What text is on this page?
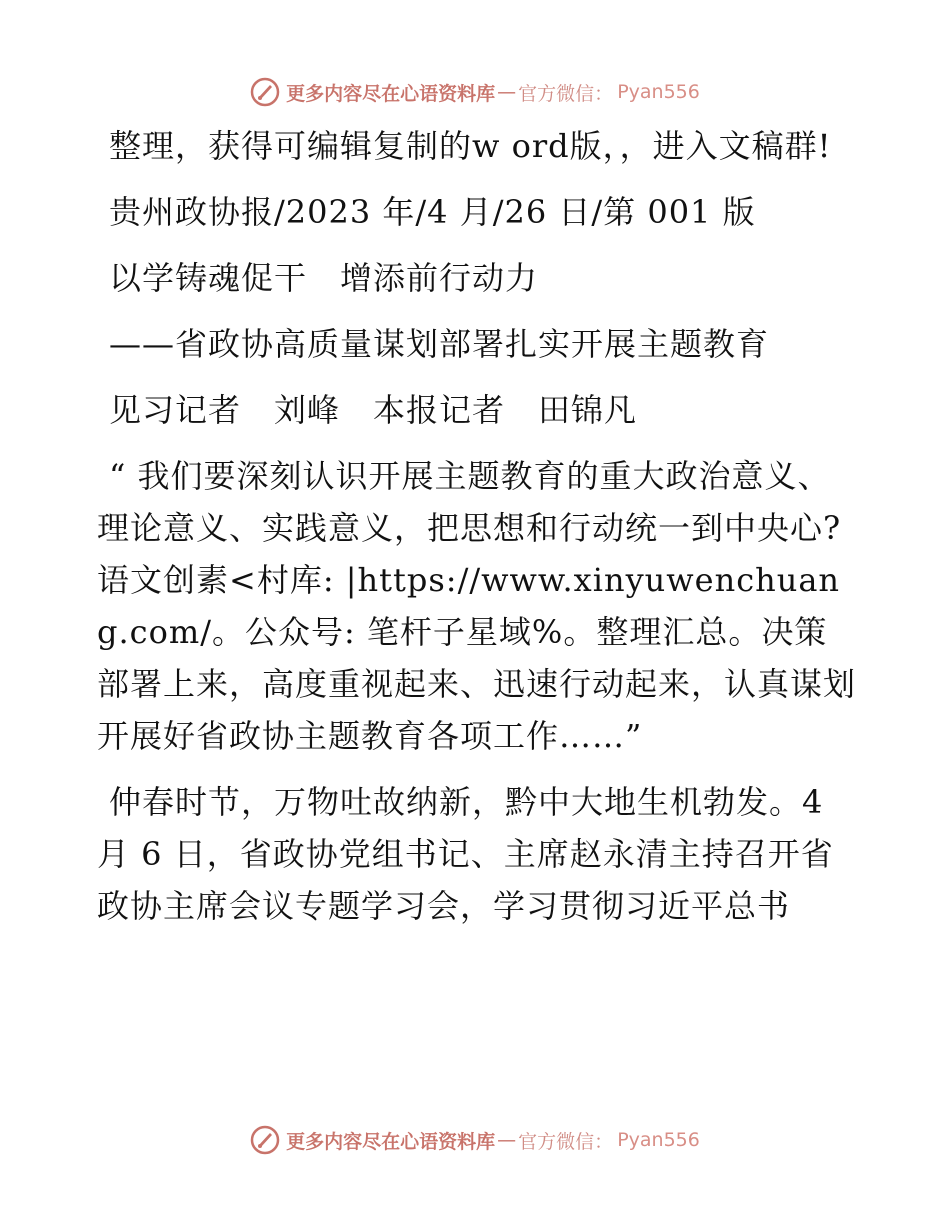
更多内容尽在心语资料库 — 官方微信： Pyan556

整理，获得可编辑复制的w ord版，，进入文稿群!

贵州政协报/2023 年/4 月/26 日/第 001 版

以学铸魂促干　增添前行动力

——省政协高质量谋划部署扎实开展主题教育

见习记者　刘峰　本报记者　田锦凡

“ 我们要深刻认识开展主题教育的重大政治意义、理论意义、实践意义，把思想和行动统一到中央心?语文创素<村库: |https://www.xinyuwenchuang.com/。公众号: 笔杆子星域%。整理汇总。决策部署上来，高度重视起来、迅速行动起来，认真谋划开展好省政协主题教育各项工作……”

仲春时节，万物吐故纳新，黔中大地生机勃发。4 月 6 日，省政协党组书记、主席赵永清主持召开省政协主席会议专题学习会，学习贯彻习近平总书

更多内容尽在心语资料库 — 官方微信： Pyan556
